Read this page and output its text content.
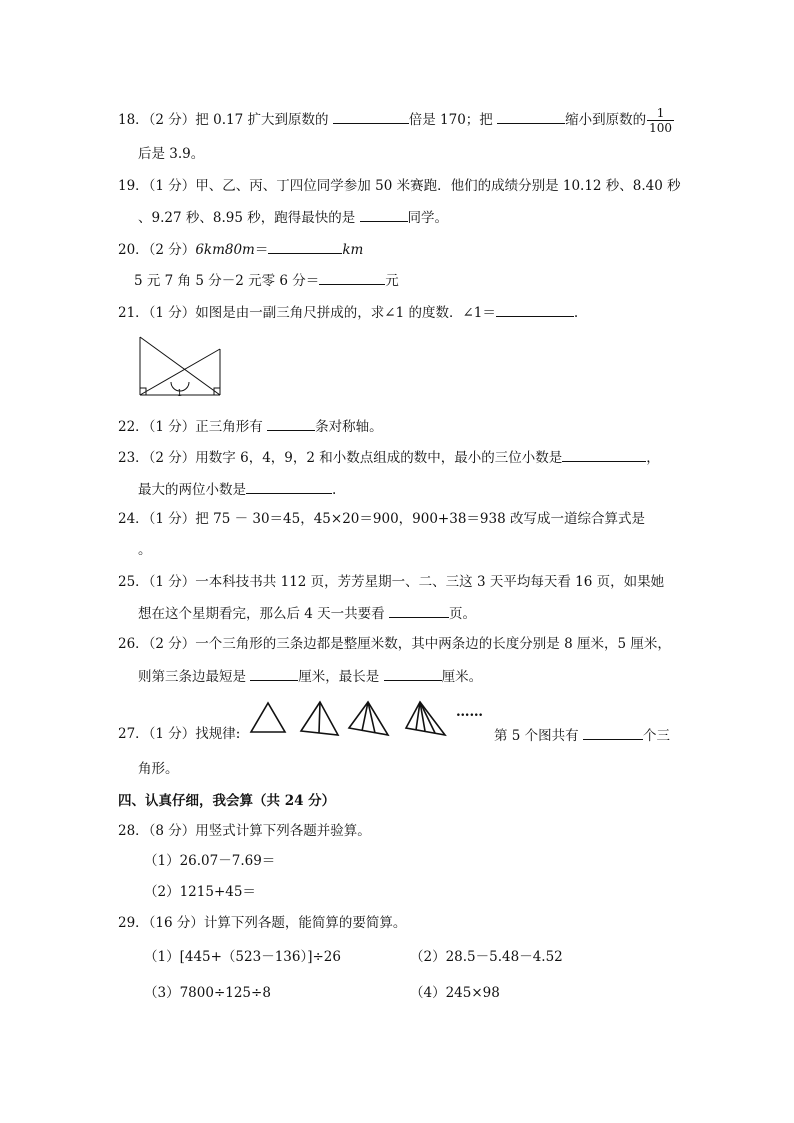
18．（2 分）把 0.17 扩大到原数的	倍是 170；把	缩小到原数的 $\frac{1}{100}$
后是 3.9。
19．（1 分）甲、乙、丙、丁四位同学参加 50 米赛跑．他们的成绩分别是 10.12 秒、8.40 秒
、9.27 秒、8.95 秒，跑得最快的是	同学。
20．（2 分）6km80m＝	km
5 元 7 角 5 分－2 元零 6 分＝	元
21．（1 分）如图是由一副三角尺拼成的，求∠1 的度数．∠1＝	.
1
22．（1 分）正三角形有	条对称轴。
23．（2 分）用数字 6，4，9，2 和小数点组成的数中，最小的三位小数是	，
最大的两位小数是	.
24．（1 分）把 75 － 30＝45，45×20＝900，900+38＝938 改写成一道综合算式是
。
25．（1 分）一本科技书共 112 页，芳芳星期一、二、三这 3 天平均每天看 16 页，如果她
想在这个星期看完，那么后 4 天一共要看	页。
26．（2 分）一个三角形的三条边都是整厘米数，其中两条边的长度分别是 8 厘米，5 厘米，
则第三条边最短是	厘米，最长是	厘米。
27．（1 分）找规律:
……
第 5 个图共有	个三
角形。
四、认真仔细，我会算（共 24 分）
28．（8 分）用竖式计算下列各题并验算。
（1）26.07－7.69＝
（2）1215+45＝
29．（16 分）计算下列各题，能简算的要简算。
（1）[445+（523－136）]÷26	（2）28.5－5.48－4.52
（3）7800÷125÷8	（4）245×98
